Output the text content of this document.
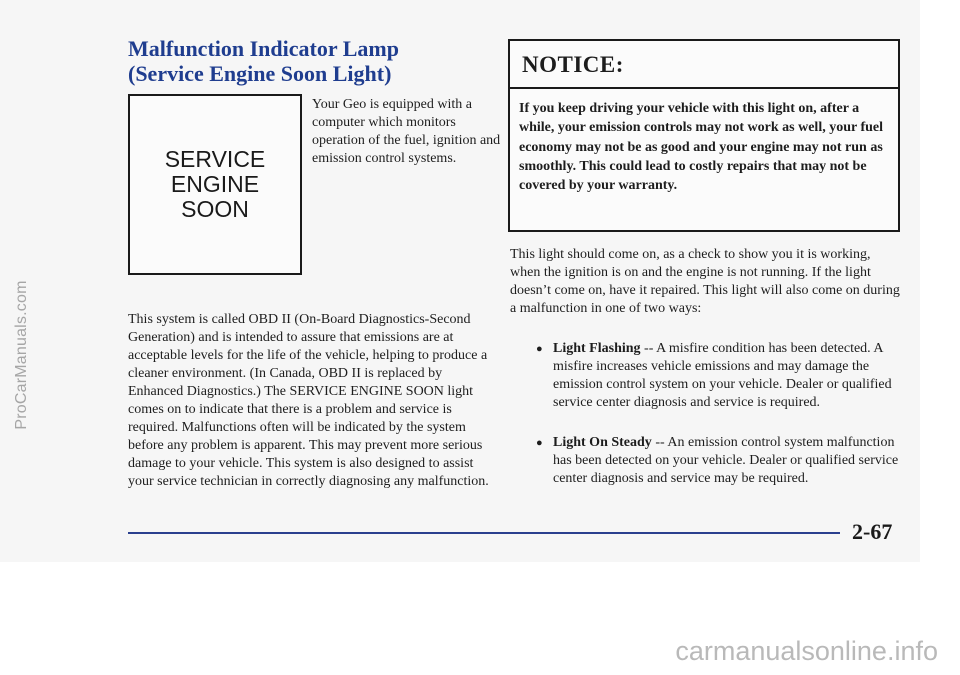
Malfunction Indicator Lamp
(Service Engine Soon Light)
SERVICE
ENGINE
SOON

Your Geo is equipped with a computer which monitors operation of the fuel, ignition and emission control systems.

This system is called OBD II (On-Board Diagnostics-Second Generation) and is intended to assure that emissions are at acceptable levels for the life of the vehicle, helping to produce a cleaner environment. (In Canada, OBD II is replaced by Enhanced Diagnostics.) The SERVICE ENGINE SOON light comes on to indicate that there is a problem and service is required. Malfunctions often will be indicated by the system before any problem is apparent. This may prevent more serious damage to your vehicle. This system is also designed to assist your service technician in correctly diagnosing any malfunction.

NOTICE:

If you keep driving your vehicle with this light on, after a while, your emission controls may not work as well, your fuel economy may not be as good and your engine may not run as smoothly. This could lead to costly repairs that may not be covered by your warranty.

This light should come on, as a check to show you it is working, when the ignition is on and the engine is not running. If the light doesn’t come on, have it repaired. This light will also come on during a malfunction in one of two ways:

● Light Flashing -- A misfire condition has been detected. A misfire increases vehicle emissions and may damage the emission control system on your vehicle. Dealer or qualified service center diagnosis and service is required.

● Light On Steady -- An emission control system malfunction has been detected on your vehicle. Dealer or qualified service center diagnosis and service may be required.

2-67
ProCarManuals.com
carmanualsonline.info
